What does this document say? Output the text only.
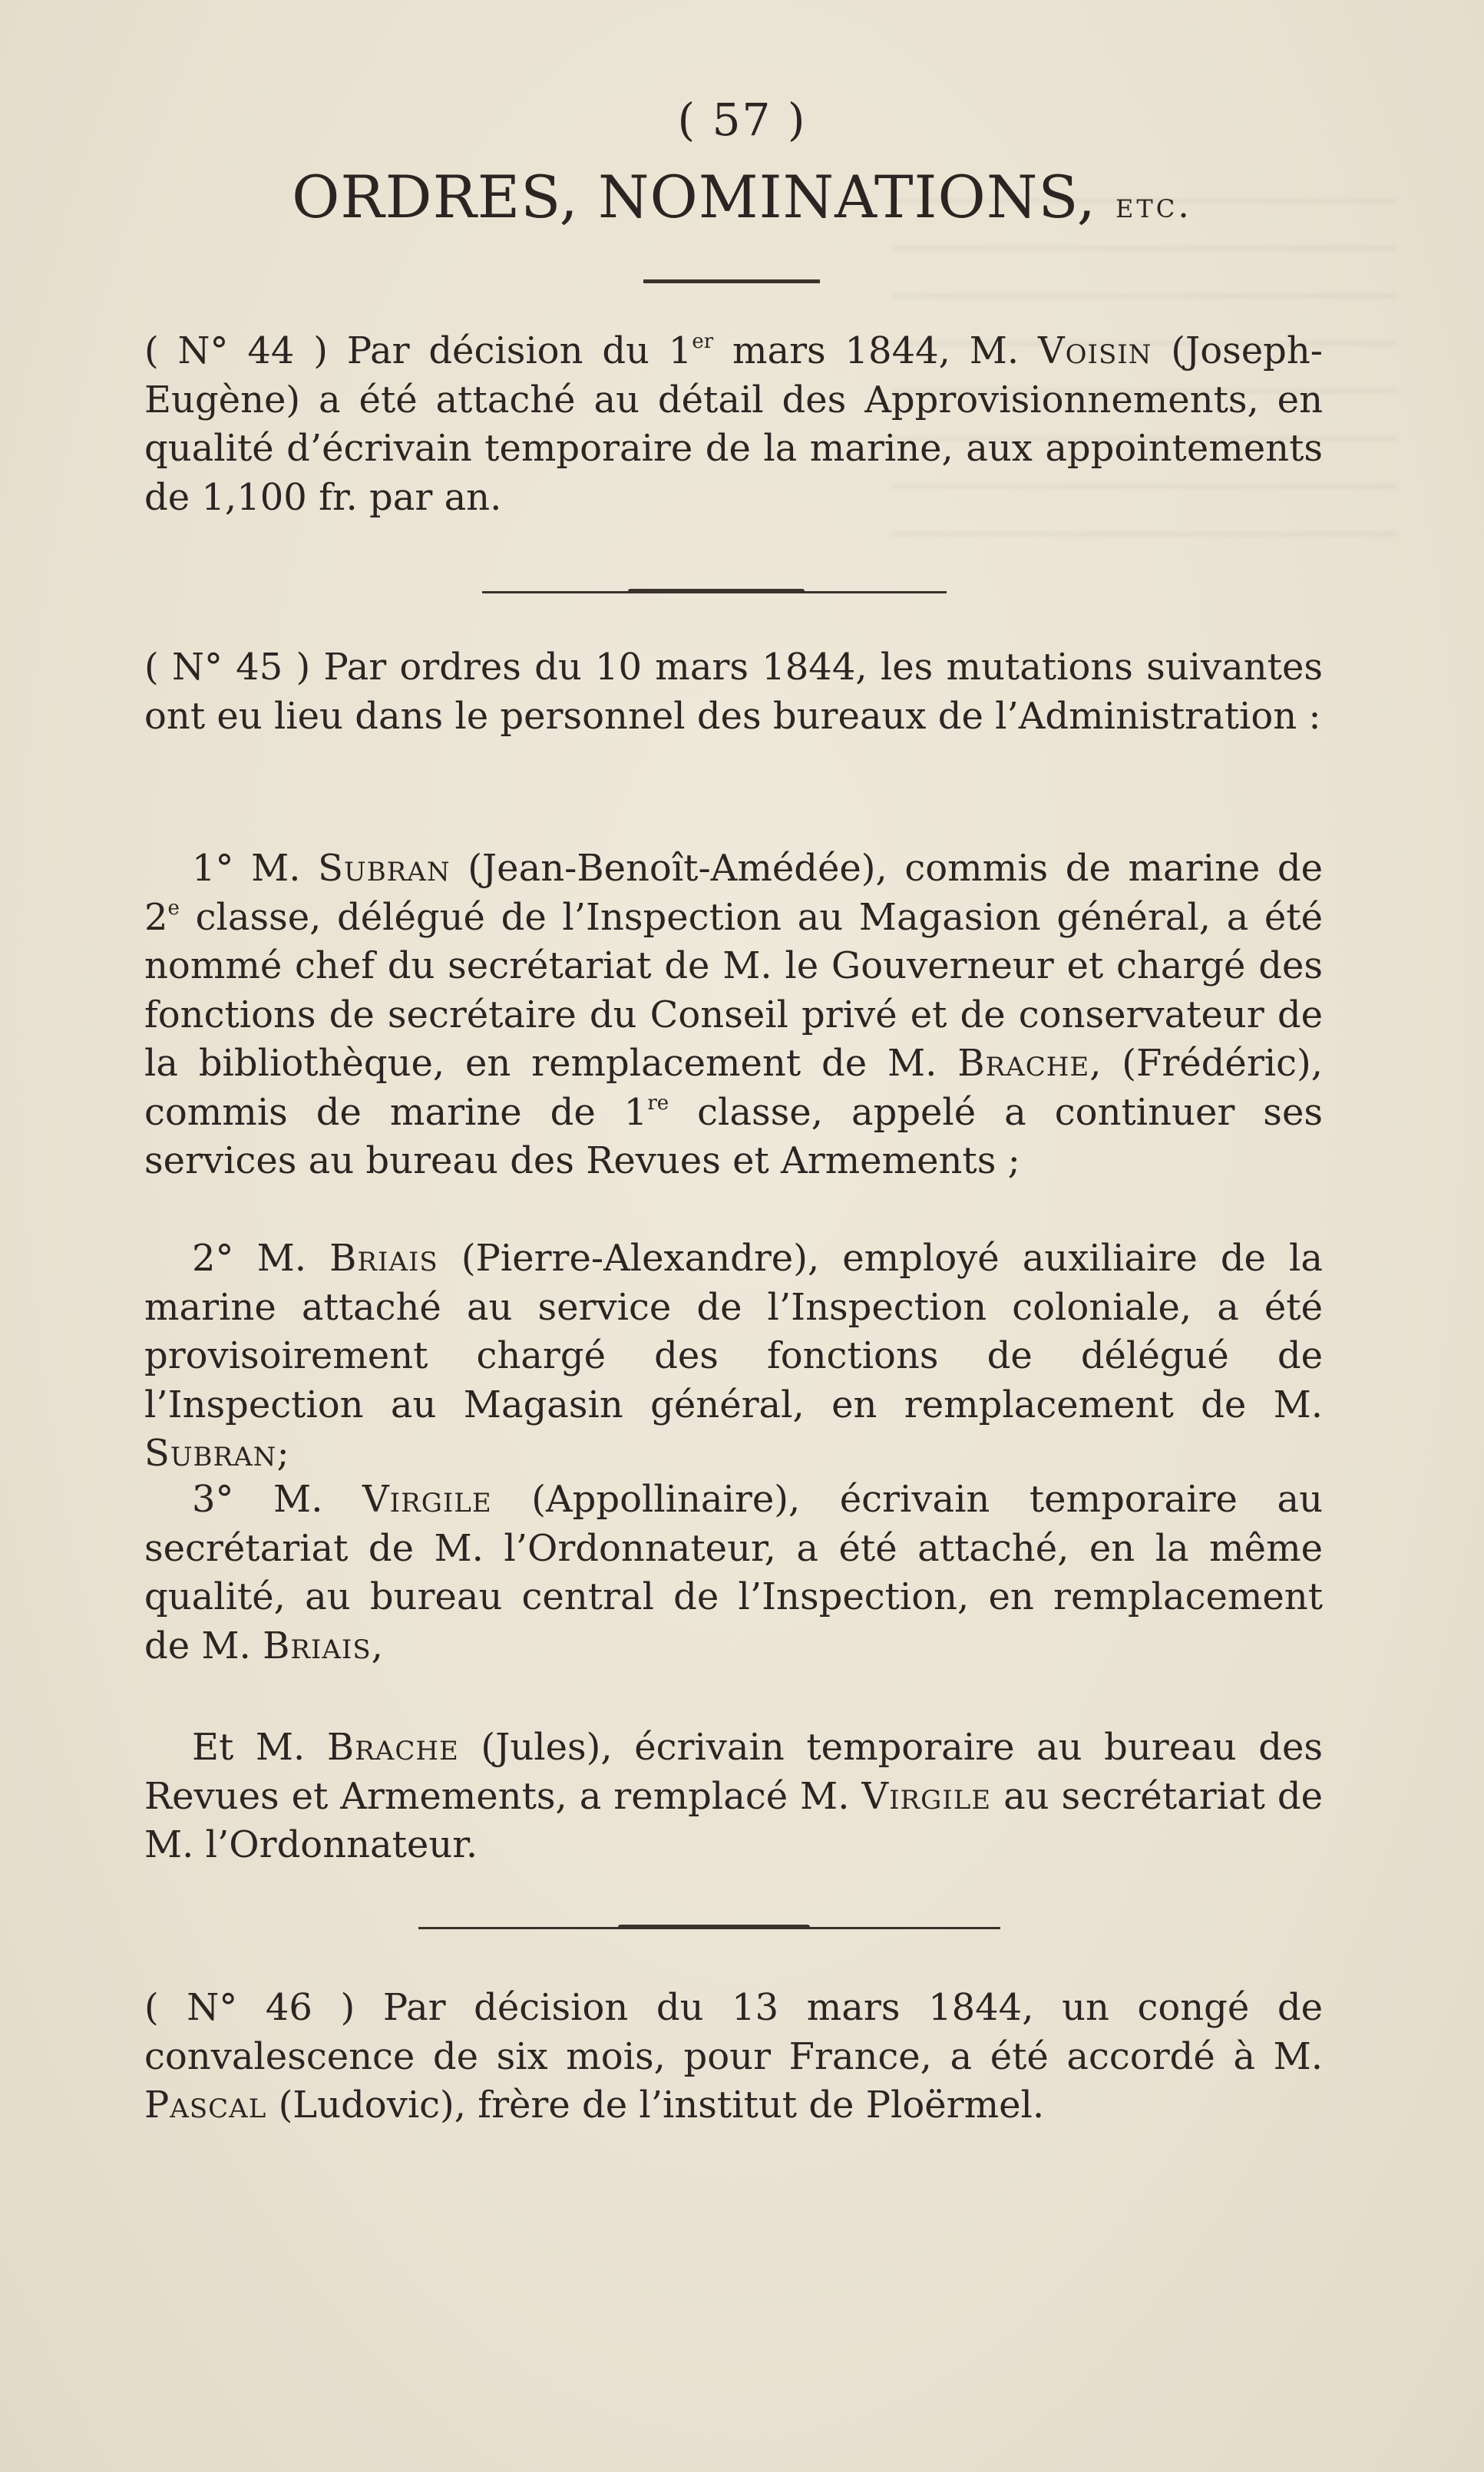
( 57 )
ORDRES, NOMINATIONS, etc.

( N° 44 ) Par décision du 1er mars 1844, M. Voisin (Joseph-Eugène) a été attaché au détail des Approvisionnements, en qualité d’écrivain temporaire de la marine, aux appointements de 1,100 fr. par an.

( N° 45 ) Par ordres du 10 mars 1844, les mutations suivantes ont eu lieu dans le personnel des bureaux de l’Administration :

1° M. Subran (Jean-Benoît-Amédée), commis de marine de 2e classe, délégué de l’Inspection au Magasion général, a été nommé chef du secrétariat de M. le Gouverneur et chargé des fonctions de secrétaire du Conseil privé et de conservateur de la bibliothèque, en remplacement de M. Brache, (Frédéric), commis de marine de 1re classe, appelé a continuer ses services au bureau des Revues et Armements ;

2° M. Briais (Pierre-Alexandre), employé auxiliaire de la marine attaché au service de l’Inspection coloniale, a été provisoirement chargé des fonctions de délégué de l’Inspection au Magasin général, en remplacement de M. Subran;

3° M. Virgile (Appollinaire), écrivain temporaire au secrétariat de M. l’Ordonnateur, a été attaché, en la même qualité, au bureau central de l’Inspection, en remplacement de M. Briais,

Et M. Brache (Jules), écrivain temporaire au bureau des Revues et Armements, a remplacé M. Virgile au secrétariat de M. l’Ordonnateur.

( N° 46 ) Par décision du 13 mars 1844, un congé de convalescence de six mois, pour France, a été accordé à M. Pascal (Ludovic), frère de l’institut de Ploërmel.
